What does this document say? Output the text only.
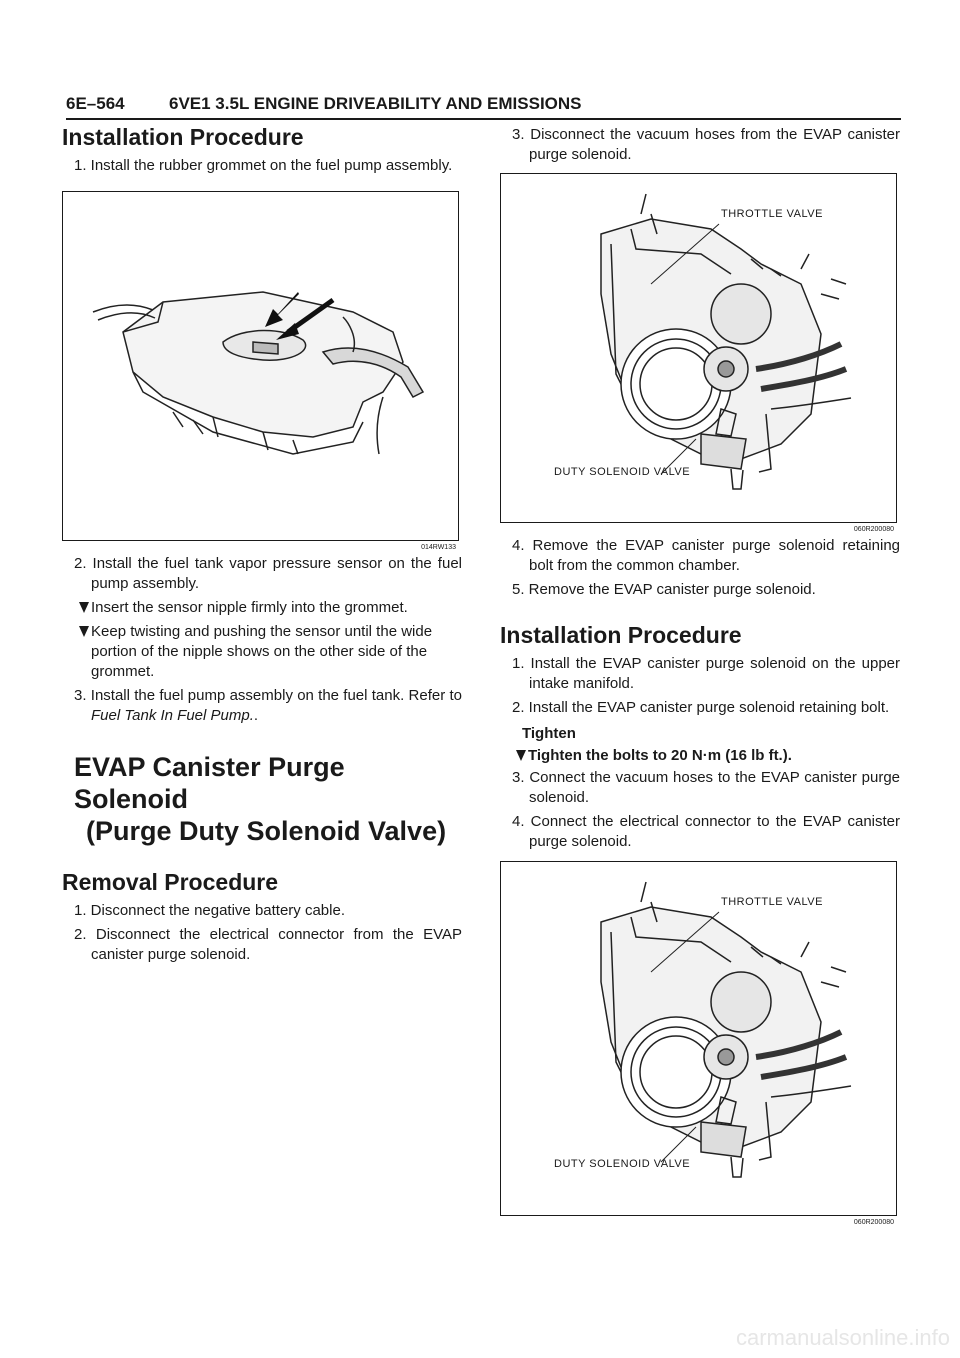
6E–564	6VE1 3.5L ENGINE DRIVEABILITY AND EMISSIONS
Installation Procedure

1. Install the rubber grommet on the fuel pump assembly.

014RW133

2. Install the fuel tank vapor pressure sensor on the fuel pump assembly.

Insert the sensor nipple firmly into the grommet.

Keep twisting and pushing the sensor until the wide portion of the nipple shows on the other side of the grommet.

3. Install the fuel pump assembly on the fuel tank. Refer to Fuel Tank In Fuel Pump..

EVAP Canister Purge Solenoid
(Purge Duty Solenoid Valve)
Removal Procedure

1. Disconnect the negative battery cable.

2. Disconnect the electrical connector from the EVAP canister purge solenoid.

3. Disconnect the vacuum hoses from the EVAP canister purge solenoid.

THROTTLE VALVE
DUTY SOLENOID VALVE
060R200080

4. Remove the EVAP canister purge solenoid retaining bolt from the common chamber.

5. Remove the EVAP canister purge solenoid.

Installation Procedure

1. Install the EVAP canister purge solenoid on the upper intake manifold.

2. Install the EVAP canister purge solenoid retaining bolt.

Tighten

Tighten the bolts to 20 N·m (16 lb ft.).

3. Connect the vacuum hoses to the EVAP canister purge solenoid.

4. Connect the electrical connector to the EVAP canister purge solenoid.

THROTTLE VALVE
DUTY SOLENOID VALVE
060R200080
carmanualsonline.info
